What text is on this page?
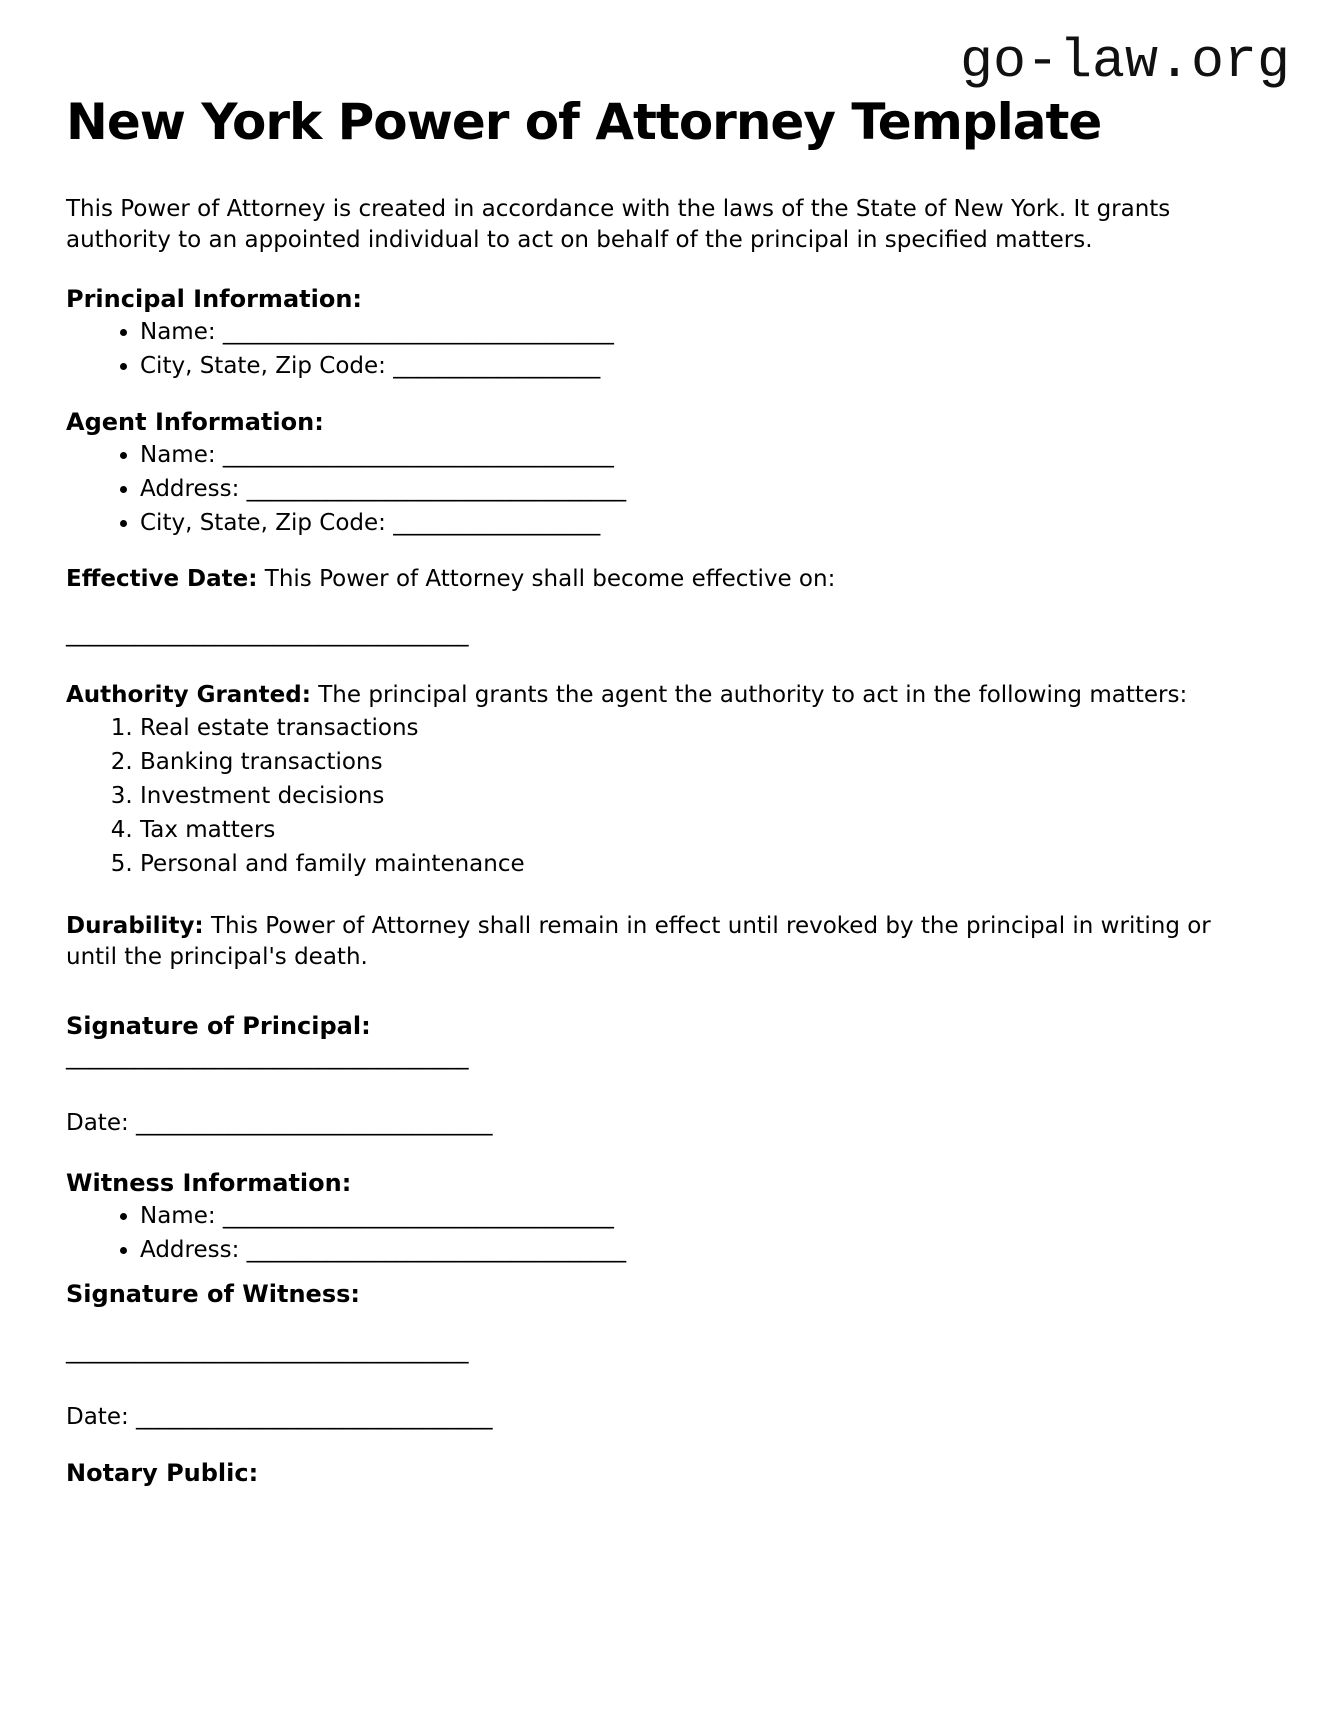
go-law.org
New York Power of Attorney Template

This Power of Attorney is created in accordance with the laws of the State of New York. It grants authority to an appointed individual to act on behalf of the principal in specified matters.

Principal Information:
• Name: __________________________________
• City, State, Zip Code: __________________
Agent Information:
• Name: __________________________________
• Address: _________________________________
• City, State, Zip Code: __________________

Effective Date: This Power of Attorney shall become effective on:

___________________________________

Authority Granted: The principal grants the agent the authority to act in the following matters:

1. Real estate transactions
2. Banking transactions
3. Investment decisions
4. Tax matters
5. Personal and family maintenance

Durability: This Power of Attorney shall remain in effect until revoked by the principal in writing or until the principal's death.

Signature of Principal:

___________________________________

Date: _______________________________

Witness Information:
• Name: __________________________________
• Address: _________________________________
Signature of Witness:

___________________________________

Date: _______________________________

Notary Public:
